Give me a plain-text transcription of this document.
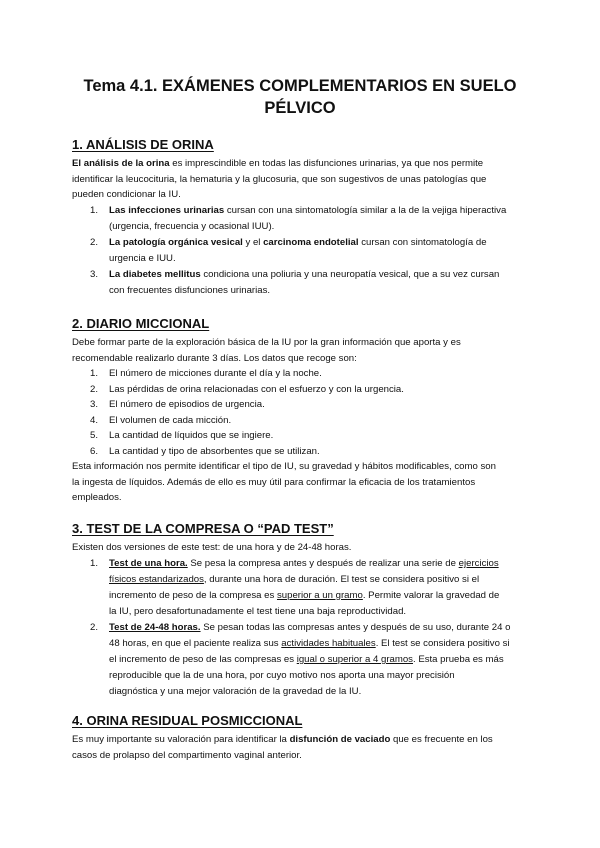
Tema 4.1. EXÁMENES COMPLEMENTARIOS EN SUELO
PÉLVICO
1. ANÁLISIS DE ORINA
El análisis de la orina es imprescindible en todas las disfunciones urinarias, ya que nos permite
identificar la leucocituria, la hematuria y la glucosuria, que son sugestivos de unas patologías que
pueden condicionar la IU.
1. Las infecciones urinarias cursan con una sintomatología similar a la de la vejiga hiperactiva
(urgencia, frecuencia y ocasional IUU).
2. La patología orgánica vesical y el carcinoma endotelial cursan con sintomatología de
urgencia e IUU.
3. La diabetes mellitus condiciona una poliuria y una neuropatía vesical, que a su vez cursan
con frecuentes disfunciones urinarias.
2. DIARIO MICCIONAL
Debe formar parte de la exploración básica de la IU por la gran información que aporta y es
recomendable realizarlo durante 3 días. Los datos que recoge son:
1. El número de micciones durante el día y la noche.
2. Las pérdidas de orina relacionadas con el esfuerzo y con la urgencia.
3. El número de episodios de urgencia.
4. El volumen de cada micción.
5. La cantidad de líquidos que se ingiere.
6. La cantidad y tipo de absorbentes que se utilizan.
Esta información nos permite identificar el tipo de IU, su gravedad y hábitos modificables, como son
la ingesta de líquidos. Además de ello es muy útil para confirmar la eficacia de los tratamientos
empleados.
3. TEST DE LA COMPRESA O “PAD TEST”
Existen dos versiones de este test: de una hora y de 24-48 horas.
1. Test de una hora. Se pesa la compresa antes y después de realizar una serie de ejercicios
físicos estandarizados, durante una hora de duración. El test se considera positivo si el
incremento de peso de la compresa es superior a un gramo. Permite valorar la gravedad de
la IU, pero desafortunadamente el test tiene una baja reproductividad.
2. Test de 24-48 horas. Se pesan todas las compresas antes y después de su uso, durante 24 o
48 horas, en que el paciente realiza sus actividades habituales. El test se considera positivo si
el incremento de peso de las compresas es igual o superior a 4 gramos. Esta prueba es más
reproducible que la de una hora, por cuyo motivo nos aporta una mayor precisión
diagnóstica y una mejor valoración de la gravedad de la IU.
4. ORINA RESIDUAL POSMICCIONAL
Es muy importante su valoración para identificar la disfunción de vaciado que es frecuente en los
casos de prolapso del compartimento vaginal anterior.
